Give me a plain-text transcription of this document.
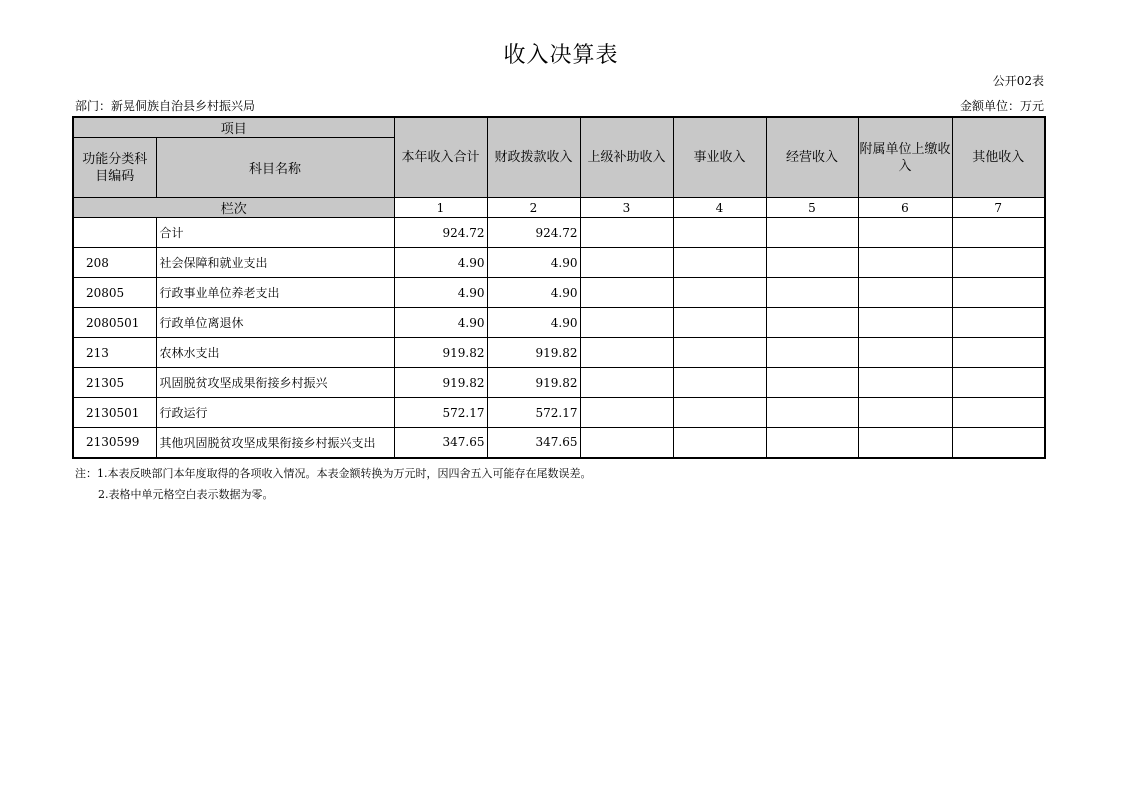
收入决算表
公开02表
部门：新晃侗族自治县乡村振兴局	金额单位：万元
项目		本年收入合计	财政拨款收入	上级补助收入	事业收入	经营收入	附属单位上缴收入	其他收入
功能分类科目编码	科目名称							
栏次		1	2	3	4	5	6	7
	合计	924.72	924.72					
208	社会保障和就业支出	4.90	4.90					
20805	行政事业单位养老支出	4.90	4.90					
2080501	行政单位离退休	4.90	4.90					
213	农林水支出	919.82	919.82					
21305	巩固脱贫攻坚成果衔接乡村振兴	919.82	919.82					
2130501	行政运行	572.17	572.17					
2130599	其他巩固脱贫攻坚成果衔接乡村振兴支出	347.65	347.65					
注：1.本表反映部门本年度取得的各项收入情况。本表金额转换为万元时，因四舍五入可能存在尾数误差。
2.表格中单元格空白表示数据为零。
